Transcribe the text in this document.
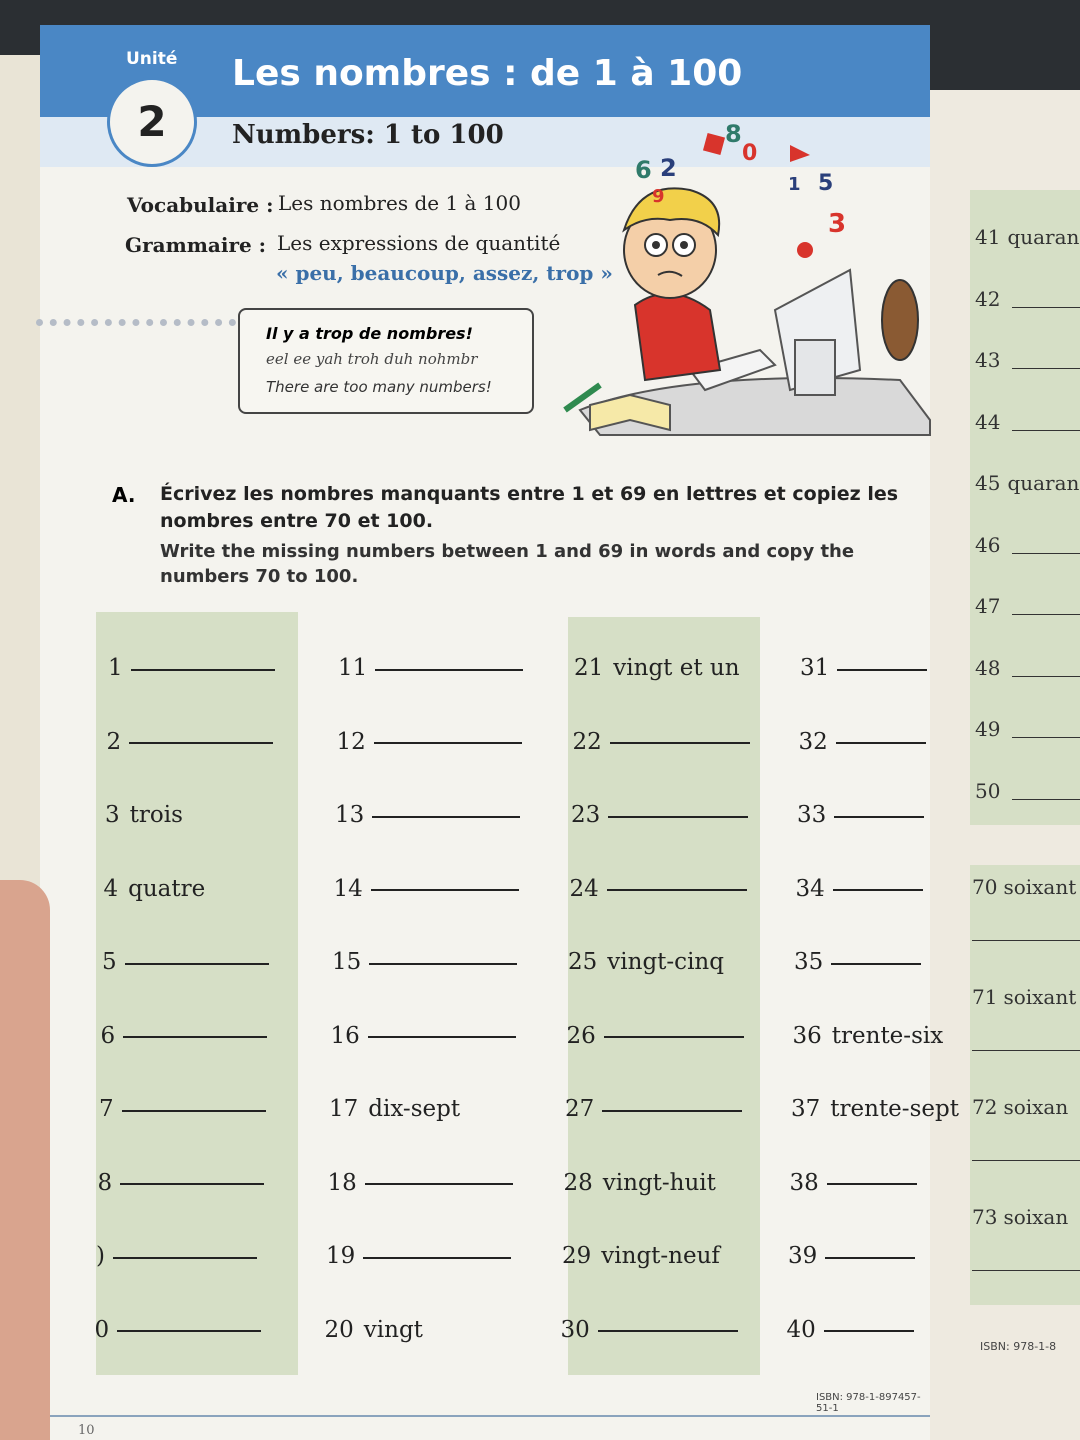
41 quaran
42
43
44
45 quaran
46
47
48
49
50
70 soixant
71 soixant
72 soixan
73 soixan
ISBN: 978-1-8
Unité
2
Les nombres : de 1 à 100
Numbers: 1 to 100
Vocabulaire : Les nombres de 1 à 100
Grammaire : Les expressions de quantité
« peu, beaucoup, assez, trop »
Il y a trop de nombres!
eel ee yah troh duh nohmbr
There are too many numbers!
6 2
8
0
5
3
1
9
A. Écrivez les nombres manquants entre 1 et 69 en lettres et copiez les nombres entre 70 et 100.
Write the missing numbers between 1 and 69 in words and copy the numbers 70 to 100.
1
2
3 trois
4 quatre
5
6
7
8
)
0
11
12
13
14
15
16
17 dix-sept
18
19
20 vingt
21 vingt et un
22
23
24
25 vingt-cinq
26
27
28 vingt-huit
29 vingt-neuf
30
31
32
33
34
35
36 trente-six
37 trente-sept
38
39
40
ISBN: 978-1-897457-51-1
10
